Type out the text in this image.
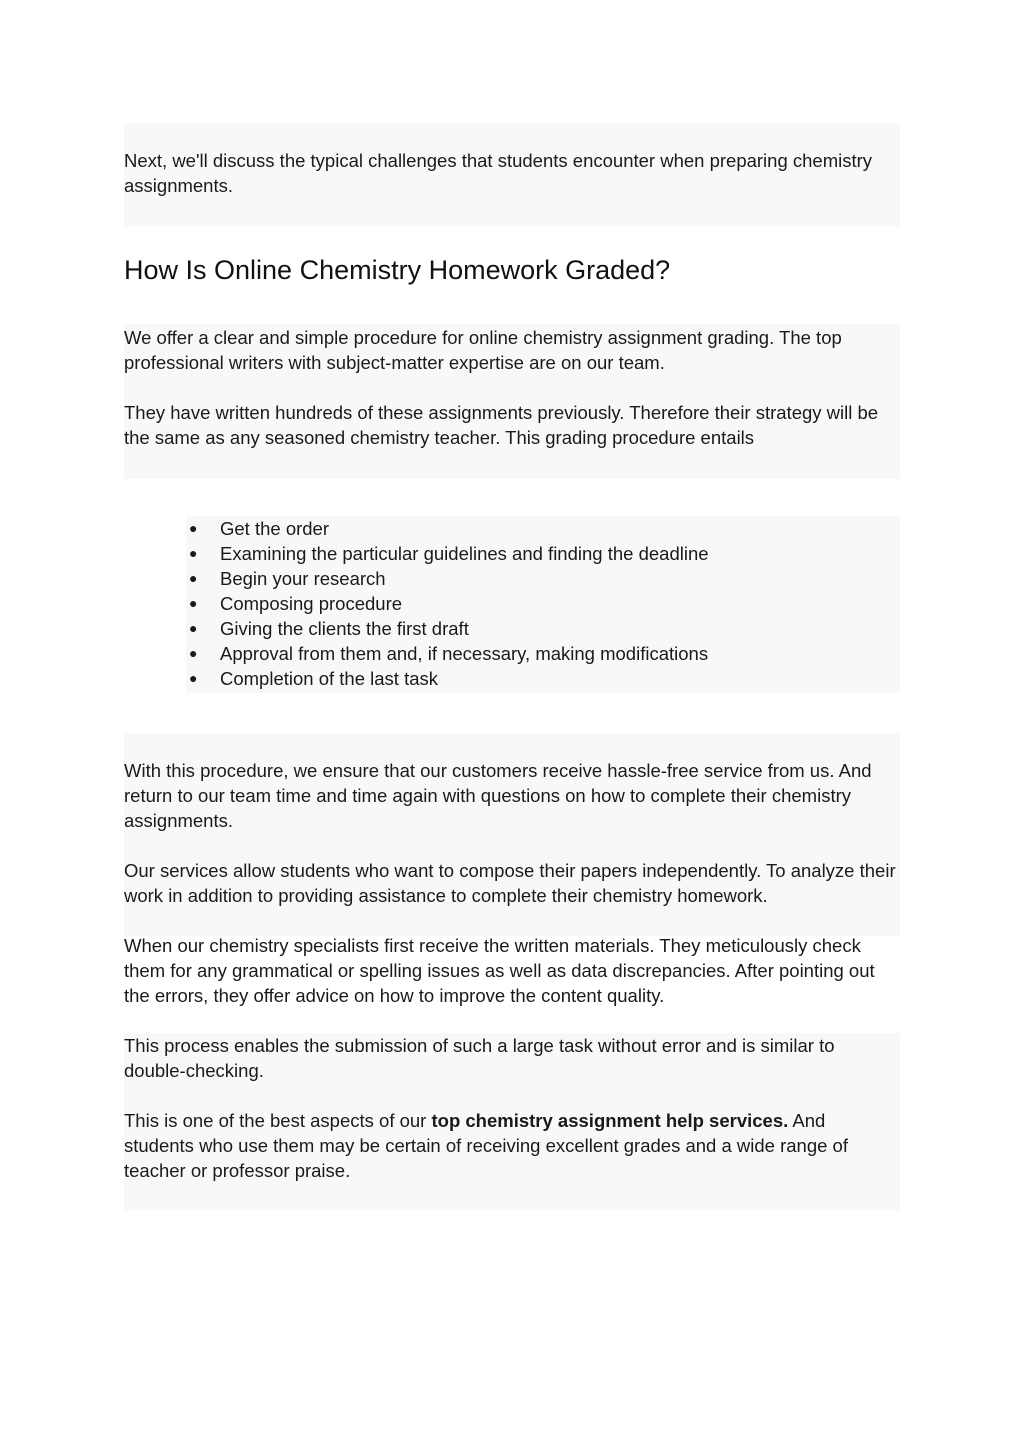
Next, we'll discuss the typical challenges that students encounter when preparing chemistry assignments.

How Is Online Chemistry Homework Graded?

We offer a clear and simple procedure for online chemistry assignment grading. The top professional writers with subject-matter expertise are on our team.

They have written hundreds of these assignments previously. Therefore their strategy will be the same as any seasoned chemistry teacher. This grading procedure entails

● Get the order
● Examining the particular guidelines and finding the deadline
● Begin your research
● Composing procedure
● Giving the clients the first draft
● Approval from them and, if necessary, making modifications
● Completion of the last task

With this procedure, we ensure that our customers receive hassle-free service from us. And return to our team time and time again with questions on how to complete their chemistry assignments.

Our services allow students who want to compose their papers independently. To analyze their work in addition to providing assistance to complete their chemistry homework.

When our chemistry specialists first receive the written materials. They meticulously check them for any grammatical or spelling issues as well as data discrepancies. After pointing out the errors, they offer advice on how to improve the content quality.

This process enables the submission of such a large task without error and is similar to double-checking.

This is one of the best aspects of our top chemistry assignment help services. And students who use them may be certain of receiving excellent grades and a wide range of teacher or professor praise.
